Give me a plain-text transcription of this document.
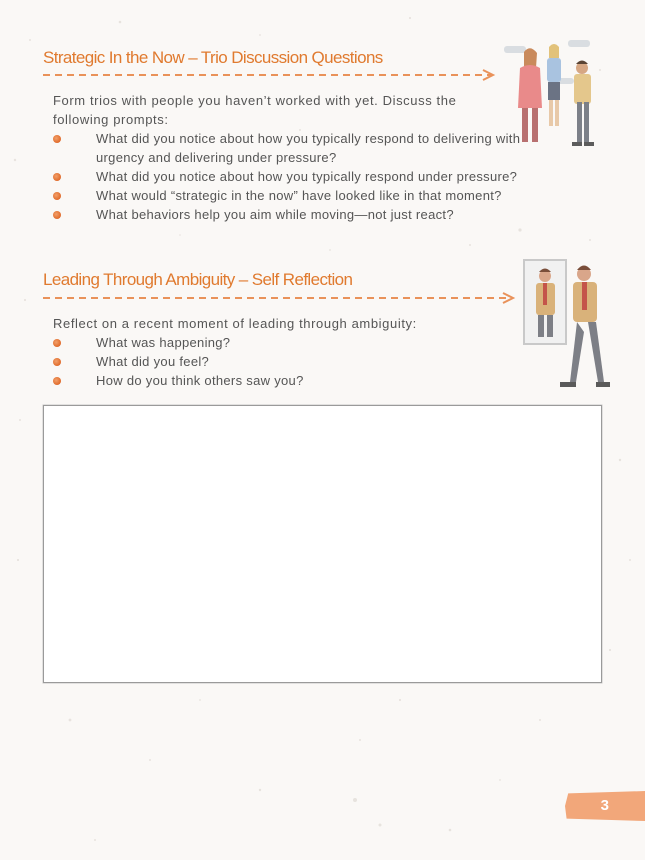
Strategic In the Now – Trio Discussion Questions

Form trios with people you haven’t worked with yet. Discuss the following prompts:

What did you notice about how you typically respond to delivering with urgency and delivering under pressure?
What did you notice about how you typically respond under pressure?
What would “strategic in the now” have looked like in that moment?
What behaviors help you aim while moving—not just react?
Leading Through Ambiguity – Self Reflection

Reflect on a recent moment of leading through ambiguity:

What was happening?
What did you feel?
How do you think others saw you?
3
